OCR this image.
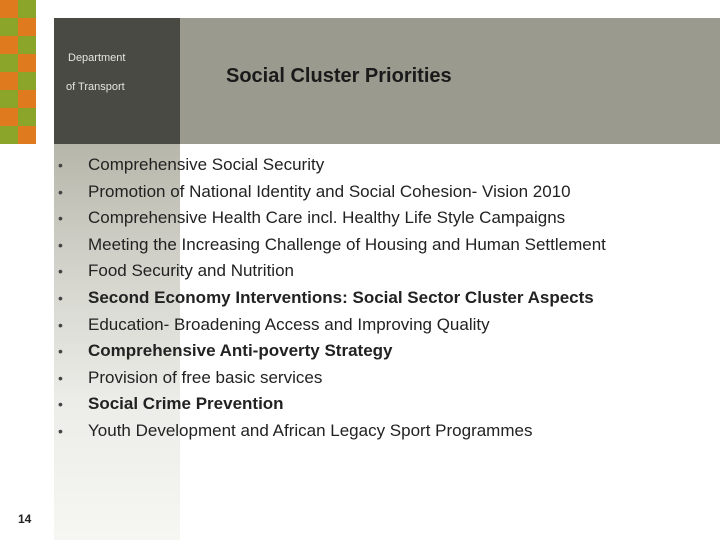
Department
of Transport	Social Cluster Priorities
• Comprehensive Social Security
• Promotion of National Identity and Social Cohesion- Vision 2010
• Comprehensive Health Care incl. Healthy Life Style Campaigns
• Meeting the Increasing Challenge of Housing and Human Settlement
• Food Security and Nutrition
• Second Economy Interventions: Social Sector Cluster Aspects
• Education- Broadening Access and Improving Quality
• Comprehensive Anti-poverty Strategy
• Provision of free basic services
• Social Crime Prevention
• Youth Development and African Legacy Sport Programmes
14
